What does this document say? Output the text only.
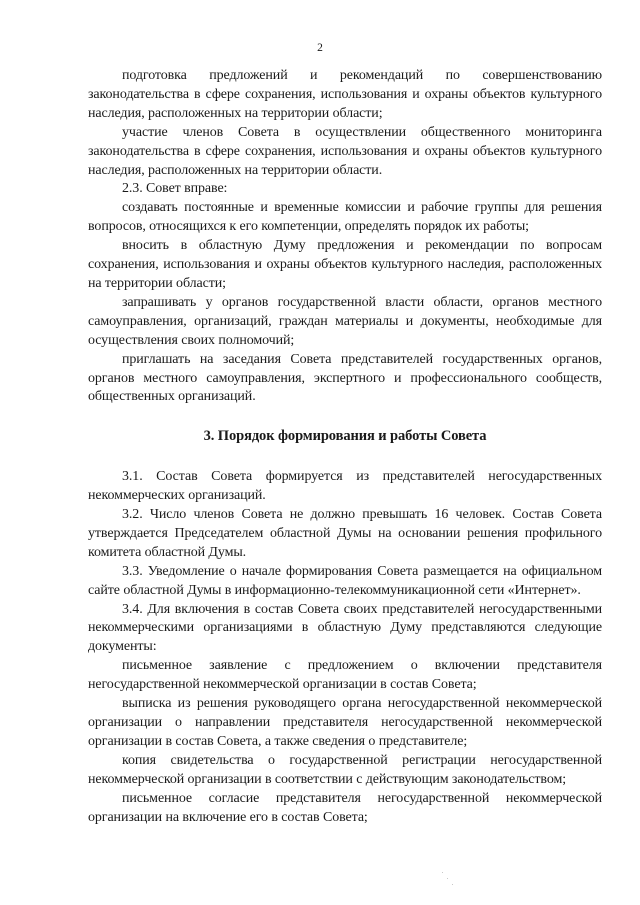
2

подготовка предложений и рекомендаций по совершенствованию законодательства в сфере сохранения, использования и охраны объектов культурного наследия, расположенных на территории области;

участие членов Совета в осуществлении общественного мониторинга законодательства в сфере сохранения, использования и охраны объектов культурного наследия, расположенных на территории области.

2.3. Совет вправе:

создавать постоянные и временные комиссии и рабочие группы для решения вопросов, относящихся к его компетенции, определять порядок их работы;

вносить в областную Думу предложения и рекомендации по вопросам сохранения, использования и охраны объектов культурного наследия, расположенных на территории области;

запрашивать у органов государственной власти области, органов местного самоуправления, организаций, граждан материалы и документы, необходимые для осуществления своих полномочий;

приглашать на заседания Совета представителей государственных органов, органов местного самоуправления, экспертного и профессионального сообществ, общественных организаций.

3. Порядок формирования и работы Совета

3.1. Состав Совета формируется из представителей негосударственных некоммерческих организаций.

3.2. Число членов Совета не должно превышать 16 человек. Состав Совета утверждается Председателем областной Думы на основании решения профильного комитета областной Думы.

3.3. Уведомление о начале формирования Совета размещается на официальном сайте областной Думы в информационно-телекоммуникационной сети «Интернет».

3.4. Для включения в состав Совета своих представителей негосударственными некоммерческими организациями в областную Думу представляются следующие документы:

письменное заявление с предложением о включении представителя негосударственной некоммерческой организации в состав Совета;

выписка из решения руководящего органа негосударственной некоммерческой организации о направлении представителя негосударственной некоммерческой организации в состав Совета, а также сведения о представителе;

копия свидетельства о государственной регистрации негосударственной некоммерческой организации в соответствии с действующим законодательством;

письменное согласие представителя негосударственной некоммерческой организации на включение его в состав Совета;
